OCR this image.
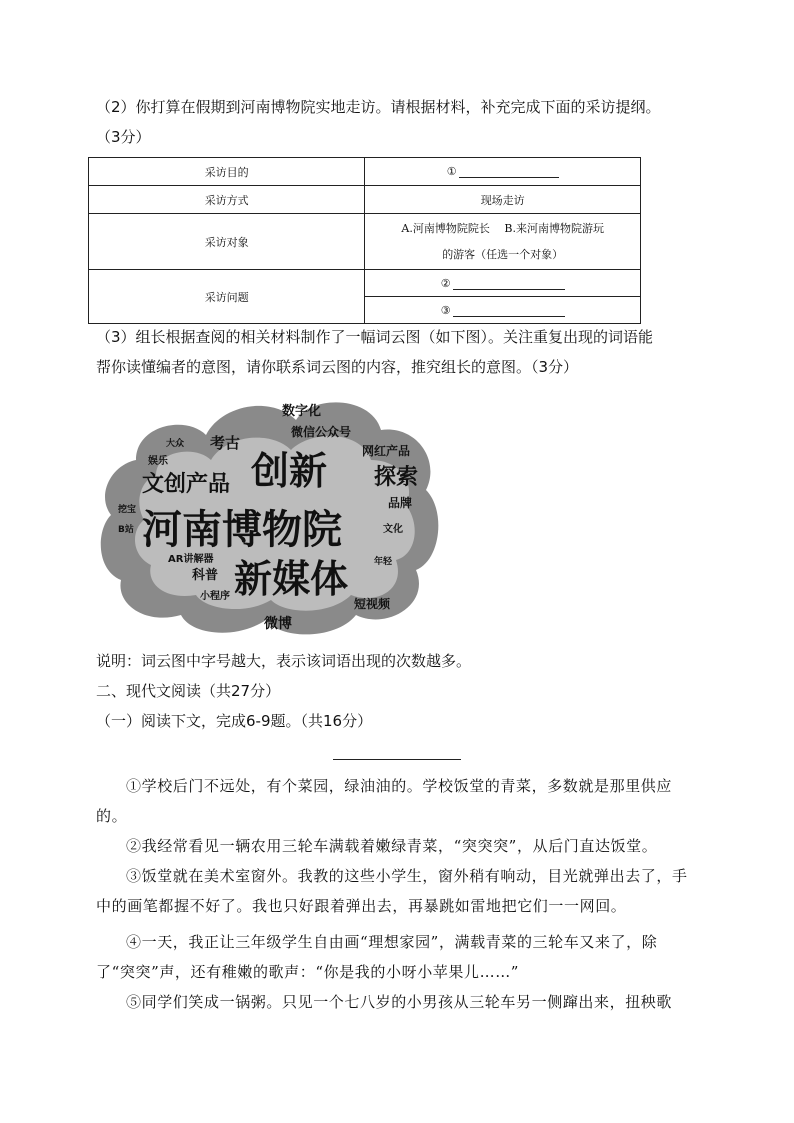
（2）你打算在假期到河南博物院实地走访。请根据材料，补充完成下面的采访提纲。
（3分）
采访目的	①
采访方式	现场走访
采访对象	A.河南博物院院长　 B.来河南博物院游玩
的游客（任选一个对象）

采访问题	②
	③
（3）组长根据查阅的相关材料制作了一幅词云图（如下图）。关注重复出现的词语能
帮你读懂编者的意图，请你联系词云图的内容，推究组长的意图。（3分）
数字化
微信公众号
网红产品
大众 考古
娱乐 创新 探索
文创产品
品牌
挖宝
B站 河南博物院	文化
AR讲解器
科普 新媒体	年轻
小程序
短视频
微博
说明：词云图中字号越大，表示该词语出现的次数越多。
二、现代文阅读（共27分）
（一）阅读下文，完成6-9题。（共16分）
①学校后门不远处，有个菜园，绿油油的。学校饭堂的青菜，多数就是那里供应的。
②我经常看见一辆农用三轮车满载着嫩绿青菜，“突突突”，从后门直达饭堂。
③饭堂就在美术室窗外。我教的这些小学生，窗外稍有响动，目光就弹出去了，手中的画笔都握不好了。我也只好跟着弹出去，再暴跳如雷地把它们一一网回。
④一天，我正让三年级学生自由画“理想家园”，满载青菜的三轮车又来了，除了“突突”声，还有稚嫩的歌声：“你是我的小呀小苹果儿……”
⑤同学们笑成一锅粥。只见一个七八岁的小男孩从三轮车另一侧蹿出来，扭秧歌
